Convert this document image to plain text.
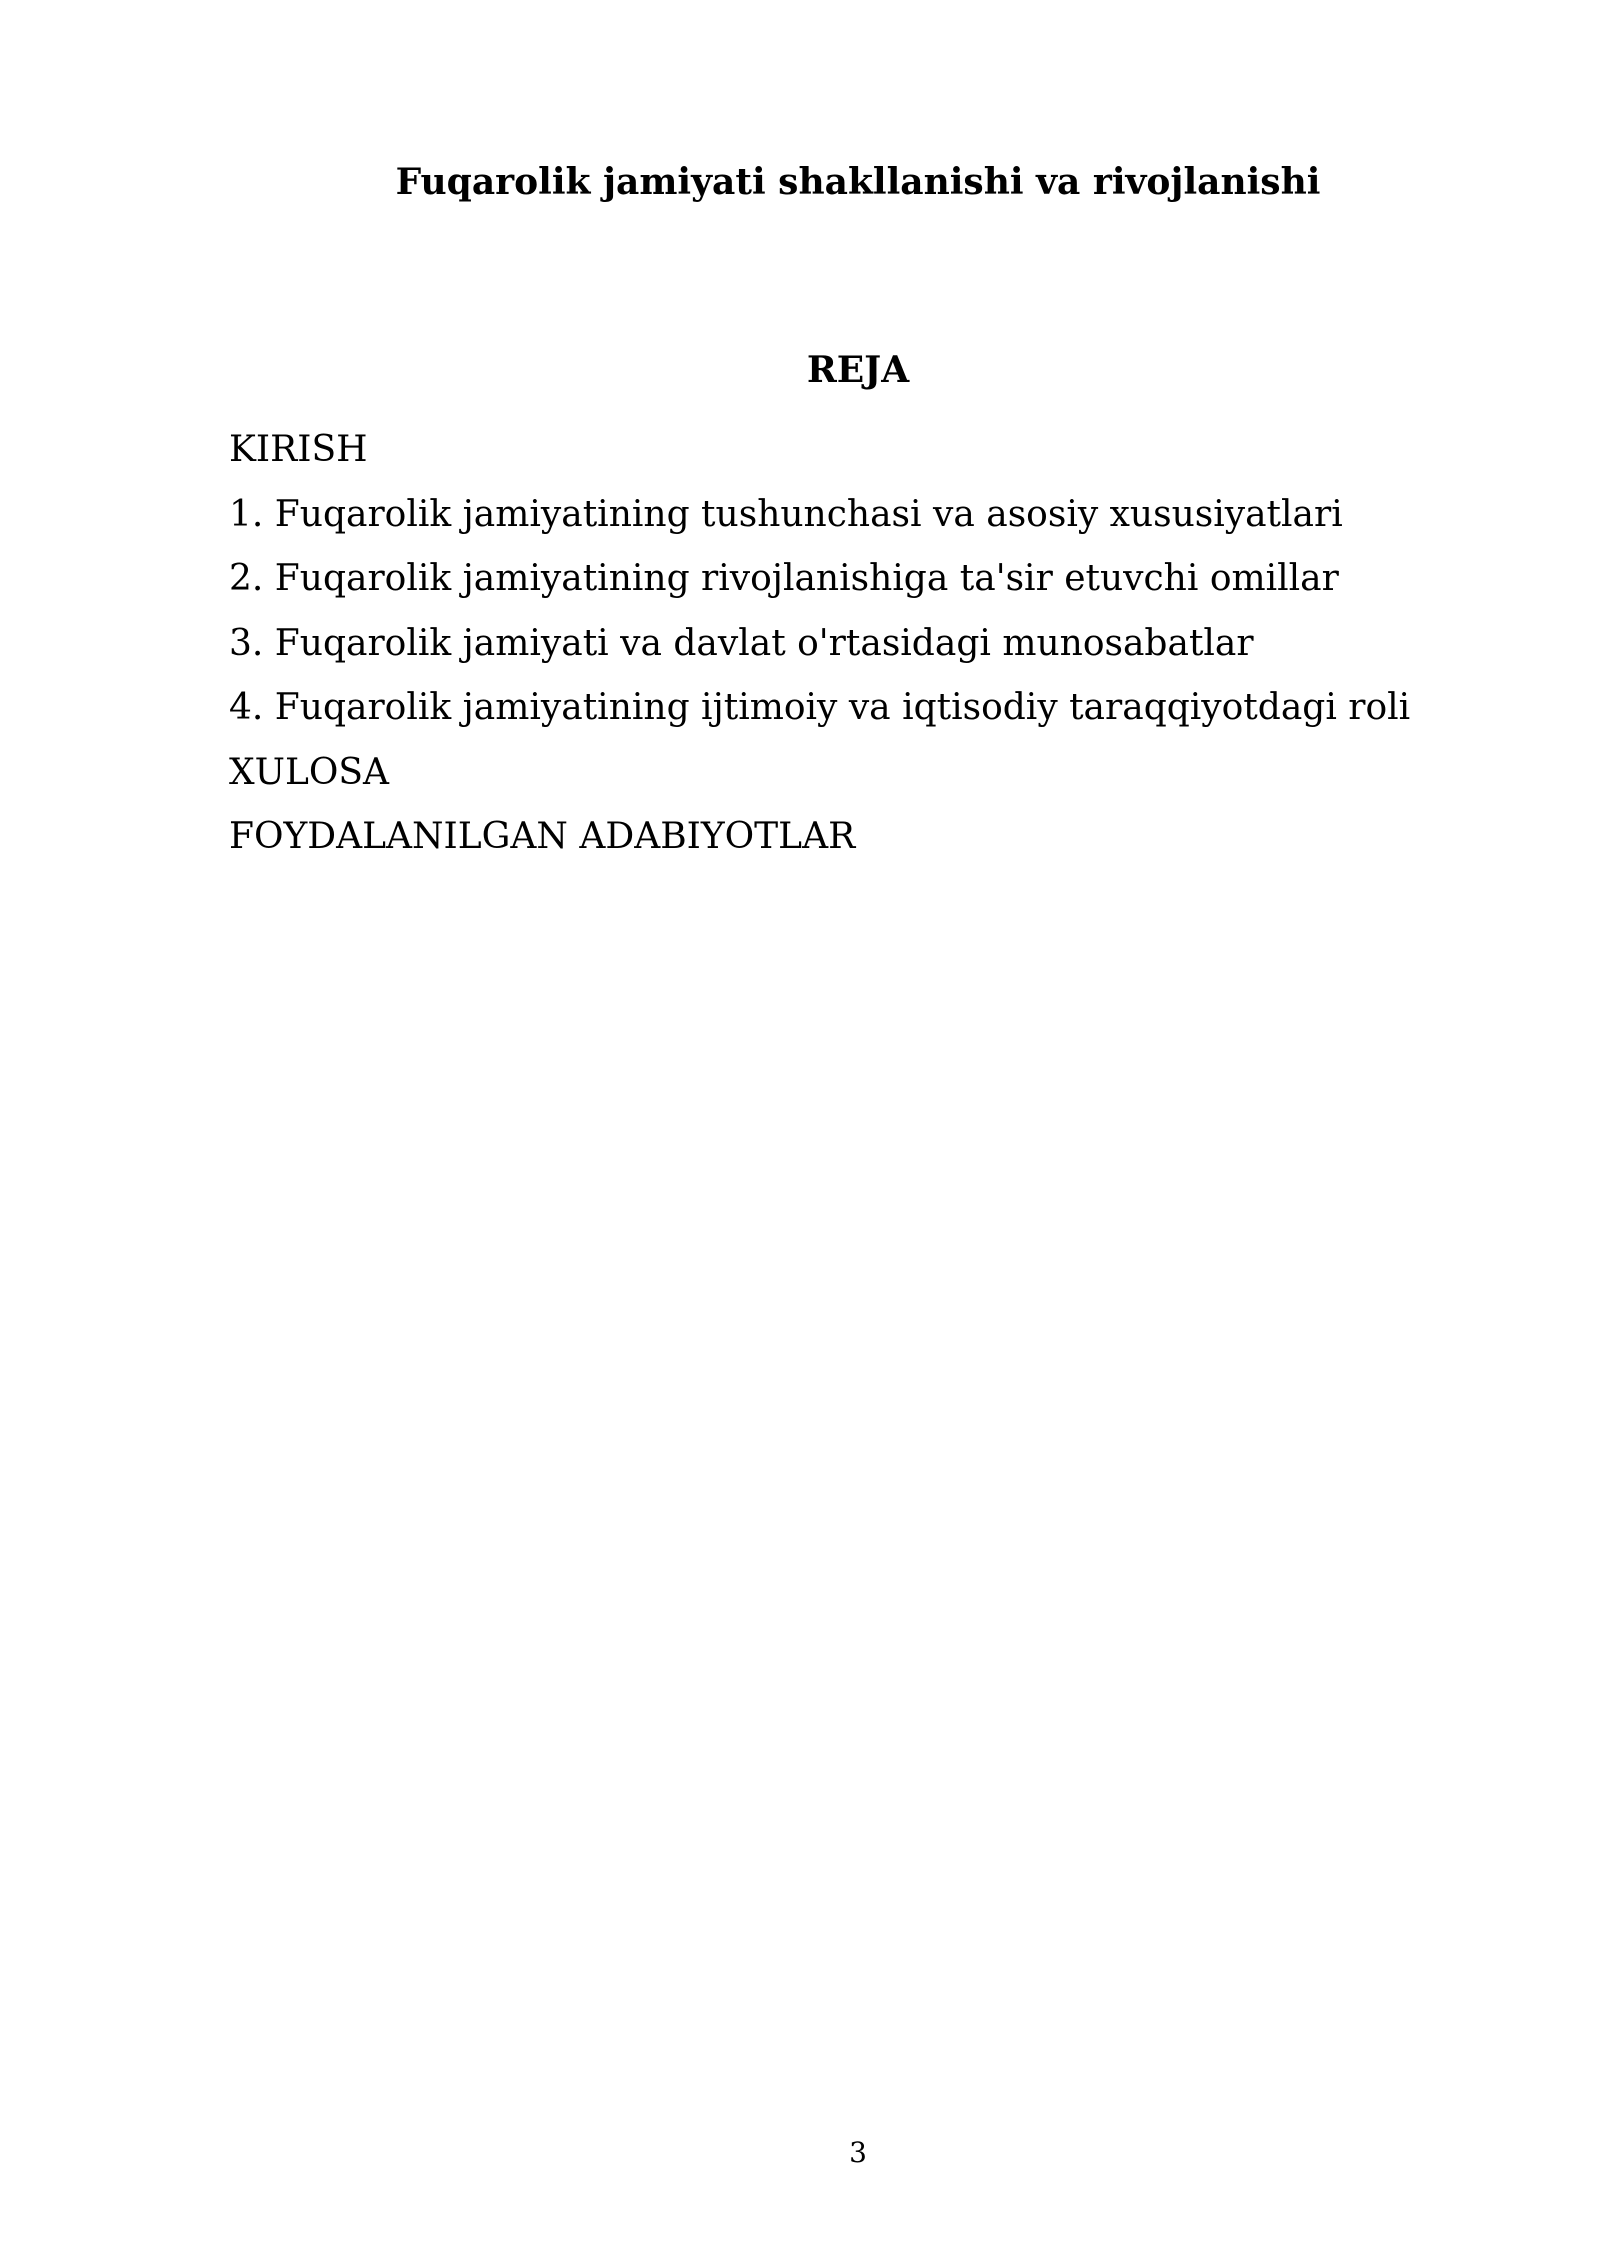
Fuqarolik jamiyati shakllanishi va rivojlanishi
REJA
KIRISH
1. Fuqarolik jamiyatining tushunchasi va asosiy xususiyatlari
2. Fuqarolik jamiyatining rivojlanishiga ta'sir etuvchi omillar
3. Fuqarolik jamiyati va davlat o'rtasidagi munosabatlar
4. Fuqarolik jamiyatining ijtimoiy va iqtisodiy taraqqiyotdagi roli
XULOSA
FOYDALANILGAN ADABIYOTLAR
3
